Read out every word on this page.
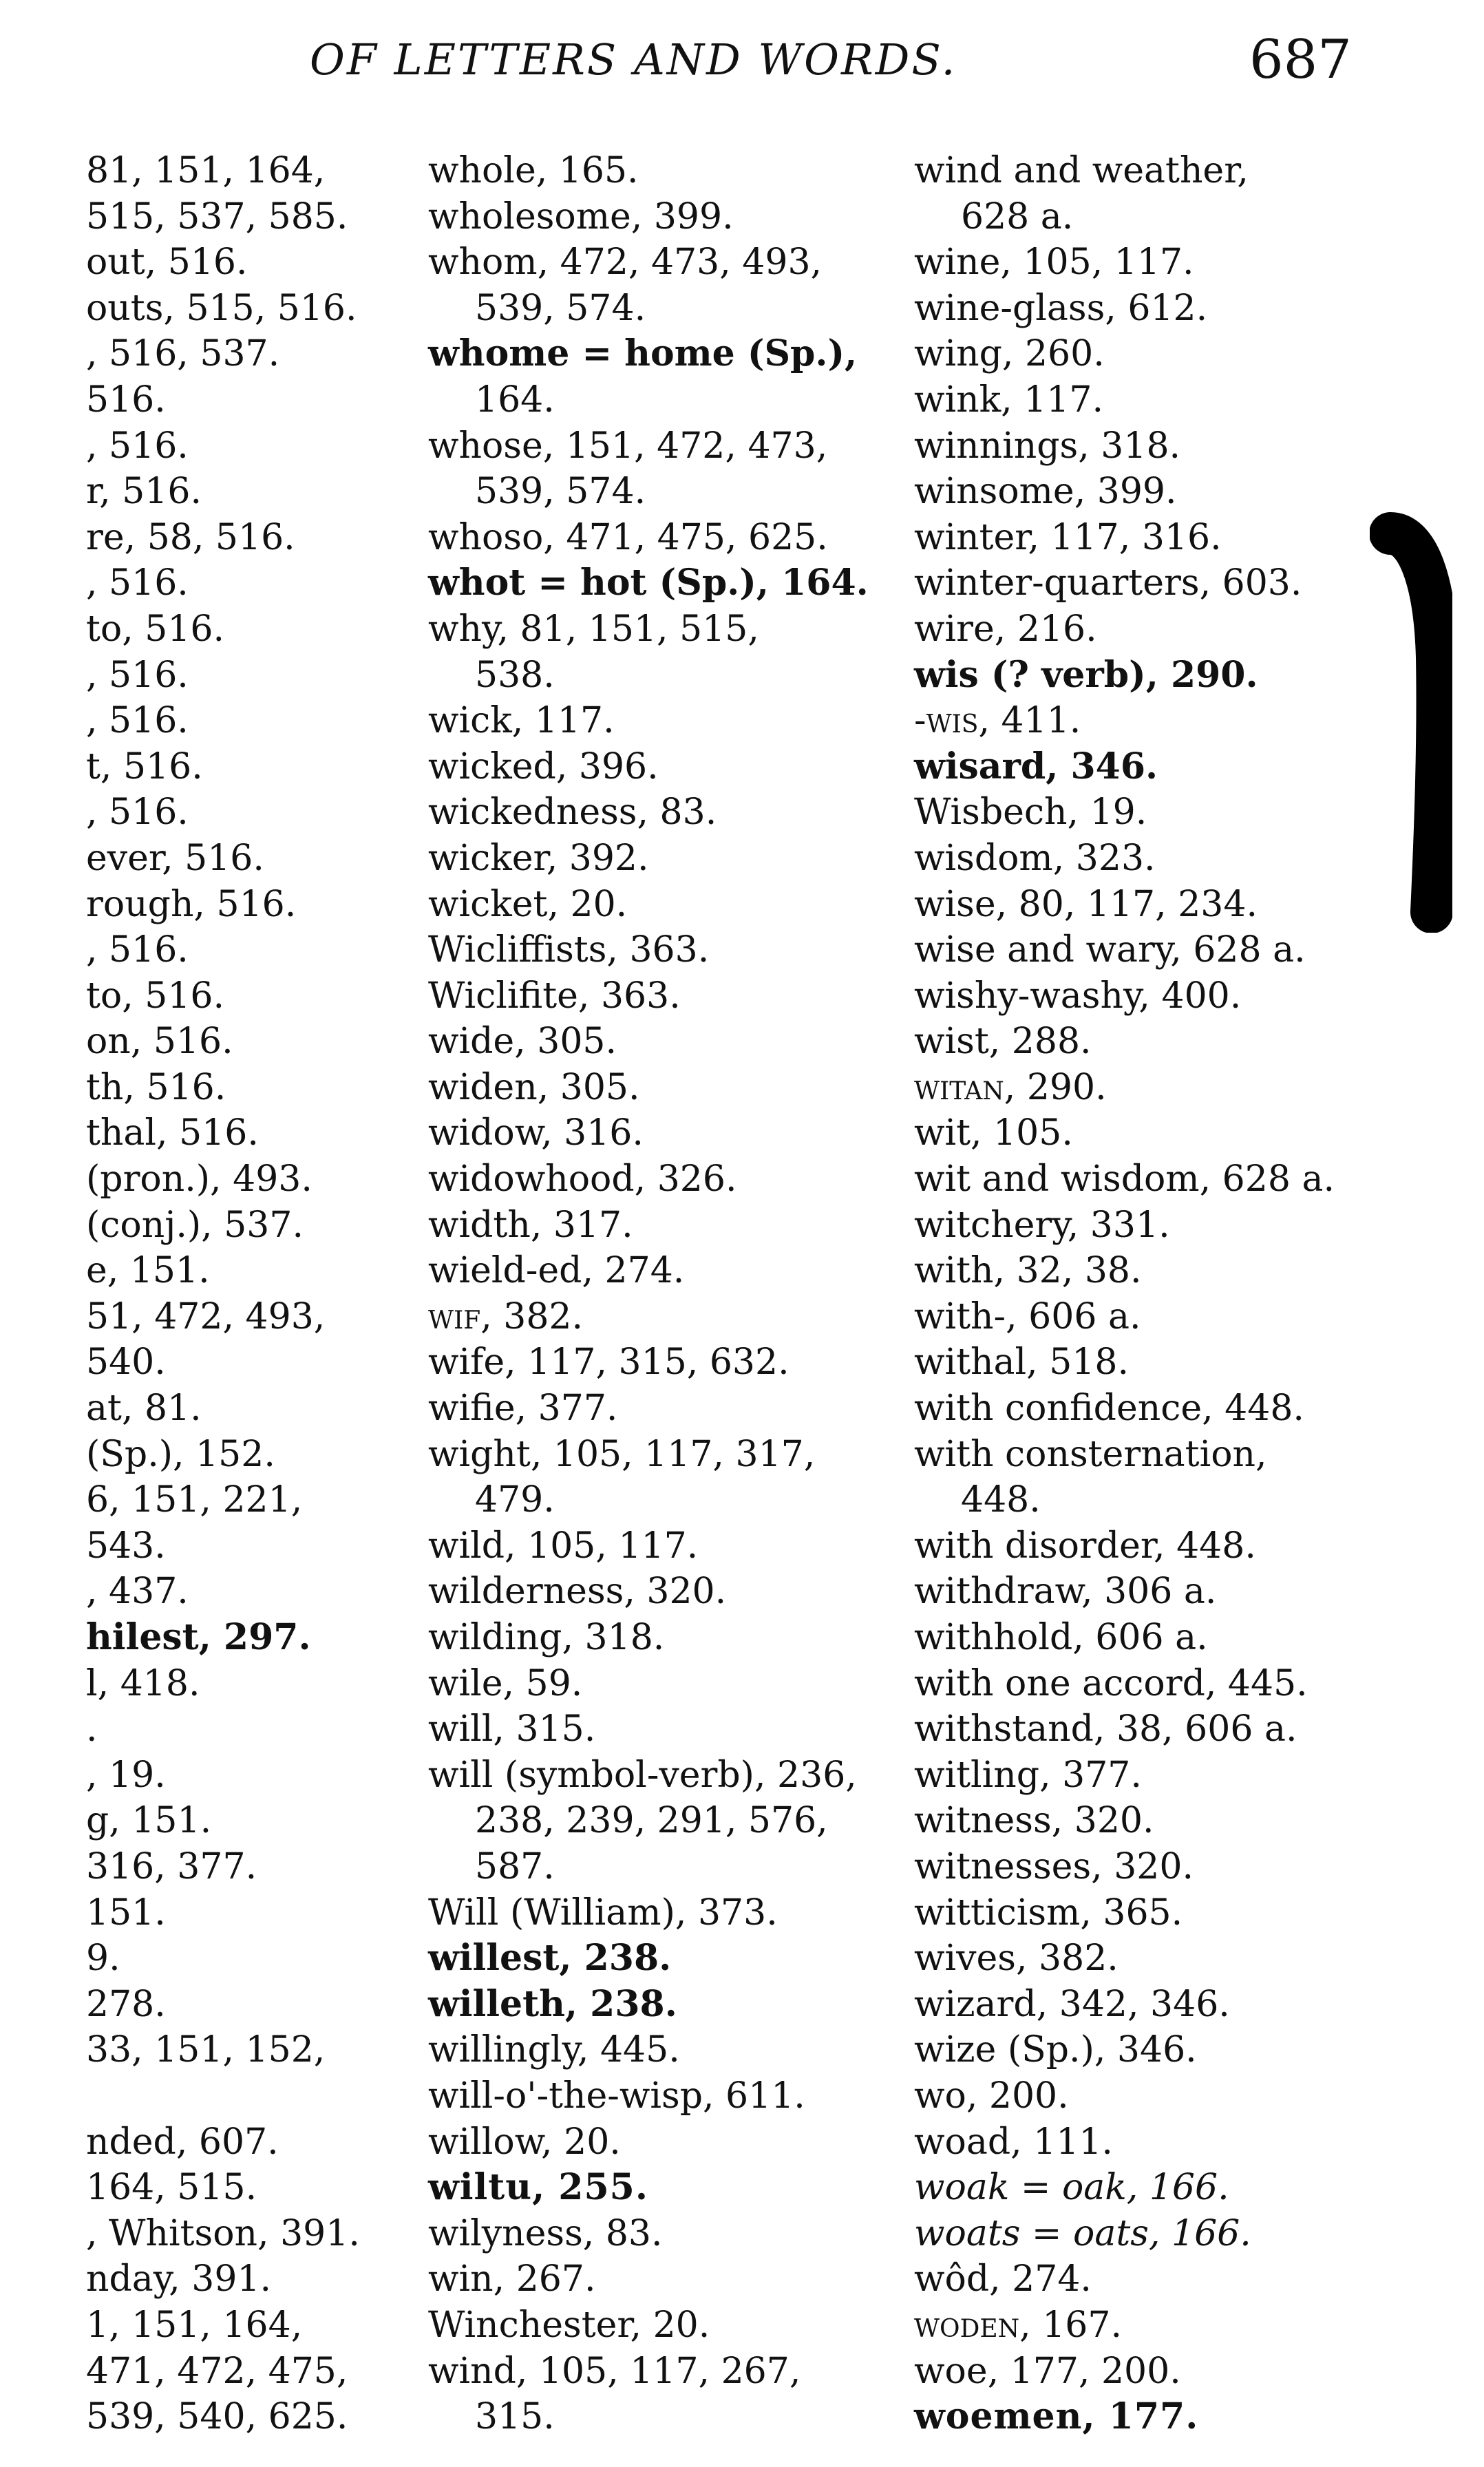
OF LETTERS AND WORDS.	687
81, 151, 164,
515, 537, 585.
out, 516.
outs, 515, 516.
, 516, 537.
516.
, 516.
r, 516.
re, 58, 516.
, 516.
to, 516.
, 516.
, 516.
t, 516.
, 516.
ever, 516.
rough, 516.
, 516.
to, 516.
on, 516.
th, 516.
thal, 516.
(pron.), 493.
(conj.), 537.
e, 151.
51, 472, 493,
540.
at, 81.
(Sp.), 152.
6, 151, 221,
543.
, 437.
hilest, 297.
l, 418.
.
, 19.
g, 151.
316, 377.
151.
9.
278.
33, 151, 152,
nded, 607.
164, 515.
, Whitson, 391.
nday, 391.
1, 151, 164,
471, 472, 475,
539, 540, 625.
whole, 165.
wholesome, 399.
whom, 472, 473, 493,
539, 574.
whome = home (Sp.),
164.
whose, 151, 472, 473,
539, 574.
whoso, 471, 475, 625.
whot = hot (Sp.), 164.
why, 81, 151, 515,
538.
wick, 117.
wicked, 396.
wickedness, 83.
wicker, 392.
wicket, 20.
Wicliffists, 363.
Wiclifite, 363.
wide, 305.
widen, 305.
widow, 316.
widowhood, 326.
width, 317.
wield-ed, 274.
wif, 382.
wife, 117, 315, 632.
wifie, 377.
wight, 105, 117, 317,
479.
wild, 105, 117.
wilderness, 320.
wilding, 318.
wile, 59.
will, 315.
will (symbol-verb), 236,
238, 239, 291, 576,
587.
Will (William), 373.
willest, 238.
willeth, 238.
willingly, 445.
will-o'-the-wisp, 611.
willow, 20.
wiltu, 255.
wilyness, 83.
win, 267.
Winchester, 20.
wind, 105, 117, 267,
315.
wind and weather,
628 a.
wine, 105, 117.
wine-glass, 612.
wing, 260.
wink, 117.
winnings, 318.
winsome, 399.
winter, 117, 316.
winter-quarters, 603.
wire, 216.
wis (? verb), 290.
-wis, 411.
wisard, 346.
Wisbech, 19.
wisdom, 323.
wise, 80, 117, 234.
wise and wary, 628 a.
wishy-washy, 400.
wist, 288.
witan, 290.
wit, 105.
wit and wisdom, 628 a.
witchery, 331.
with, 32, 38.
with-, 606 a.
withal, 518.
with confidence, 448.
with consternation,
448.
with disorder, 448.
withdraw, 306 a.
withhold, 606 a.
with one accord, 445.
withstand, 38, 606 a.
witling, 377.
witness, 320.
witnesses, 320.
witticism, 365.
wives, 382.
wizard, 342, 346.
wize (Sp.), 346.
wo, 200.
woad, 111.
woak = oak, 166.
woats = oats, 166.
wôd, 274.
woden, 167.
woe, 177, 200.
woemen, 177.
